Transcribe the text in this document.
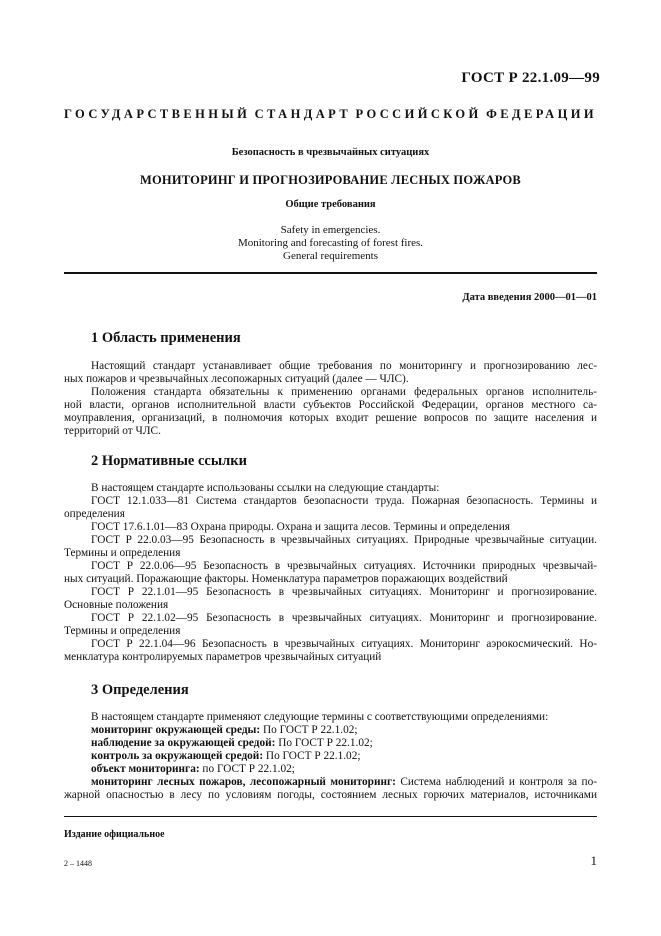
ГОСТ Р 22.1.09—99
ГОСУДАРСТВЕННЫЙ СТАНДАРТ РОССИЙСКОЙ ФЕДЕРАЦИИ
Безопасность в чрезвычайных ситуациях
МОНИТОРИНГ И ПРОГНОЗИРОВАНИЕ ЛЕСНЫХ ПОЖАРОВ
Общие требования
Safety in emergencies.
Monitoring and forecasting of forest fires.
General requirements
Дата введения 2000—01—01
1 Область применения
Настоящий стандарт устанавливает общие требования по мониторингу и прогнозированию лес-
ных пожаров и чрезвычайных лесопожарных ситуаций (далее — ЧЛС).
Положения стандарта обязательны к применению органами федеральных органов исполнитель-
ной власти, органов исполнительной власти субъектов Российской Федерации, органов местного са-
моуправления, организаций, в полномочия которых входит решение вопросов по защите населения и
территорий от ЧЛС.
2 Нормативные ссылки
В настоящем стандарте использованы ссылки на следующие стандарты:
ГОСТ 12.1.033—81 Система стандартов безопасности труда. Пожарная безопасность. Термины и
определения
ГОСТ 17.6.1.01—83 Охрана природы. Охрана и защита лесов. Термины и определения
ГОСТ Р 22.0.03—95 Безопасность в чрезвычайных ситуациях. Природные чрезвычайные ситуации.
Термины и определения
ГОСТ Р 22.0.06—95 Безопасность в чрезвычайных ситуациях. Источники природных чрезвычай-
ных ситуаций. Поражающие факторы. Номенклатура параметров поражающих воздействий
ГОСТ Р 22.1.01—95 Безопасность в чрезвычайных ситуациях. Мониторинг и прогнозирование.
Основные положения
ГОСТ Р 22.1.02—95 Безопасность в чрезвычайных ситуациях. Мониторинг и прогнозирование.
Термины и определения
ГОСТ Р 22.1.04—96 Безопасность в чрезвычайных ситуациях. Мониторинг аэрокосмический. Но-
менклатура контролируемых параметров чрезвычайных ситуаций
3 Определения
В настоящем стандарте применяют следующие термины с соответствующими определениями:
мониторинг окружающей среды: По ГОСТ Р 22.1.02;
наблюдение за окружающей средой: По ГОСТ Р 22.1.02;
контроль за окружающей средой: По ГОСТ Р 22.1.02;
объект мониторинга: по ГОСТ Р 22.1.02;
мониторинг лесных пожаров, лесопожарный мониторинг: Система наблюдений и контроля за по-
жарной опасностью в лесу по условиям погоды, состоянием лесных горючих материалов, источниками
Издание официальное
2 – 1448	1
